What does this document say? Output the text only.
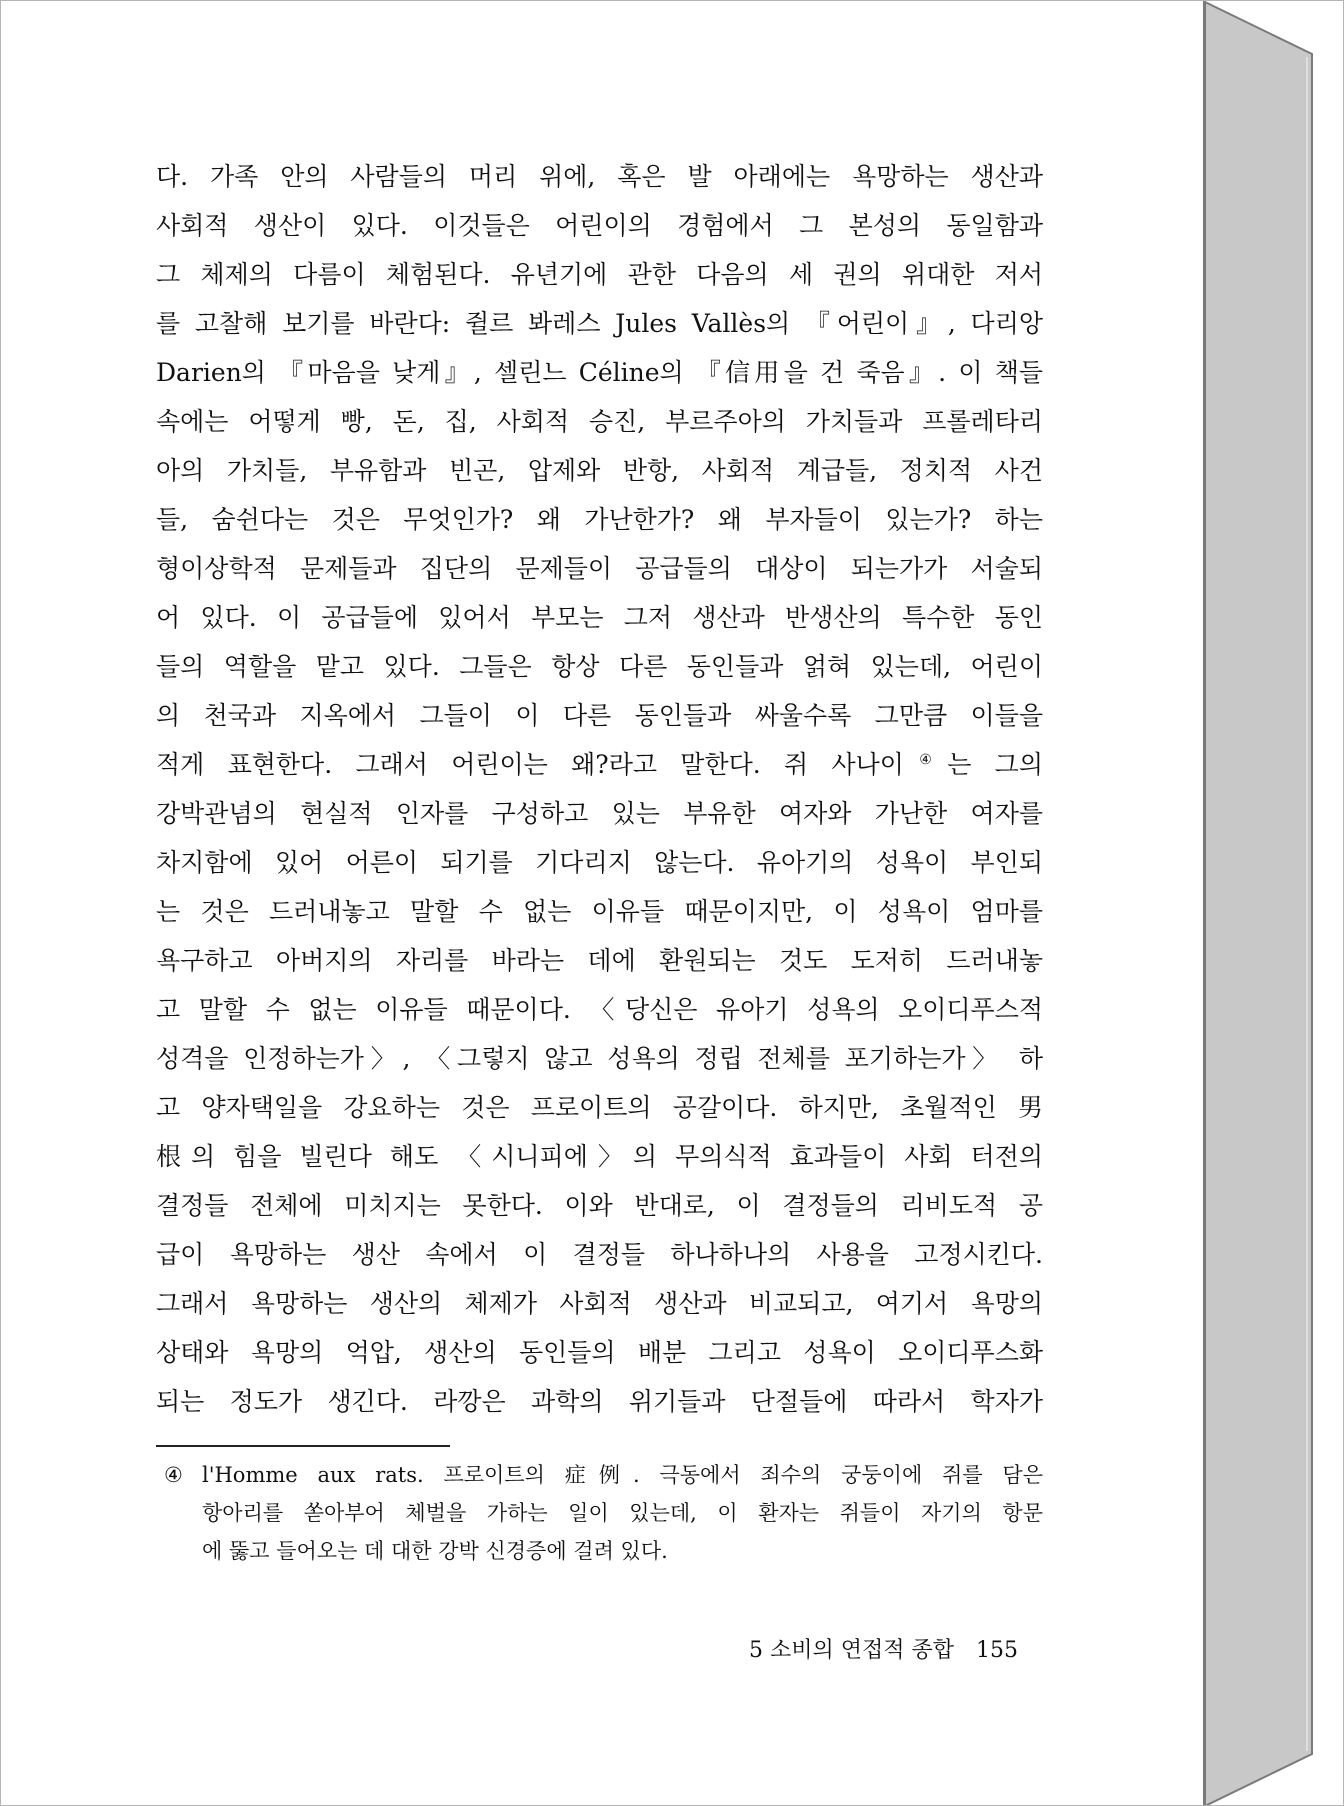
다. 가족 안의 사람들의 머리 위에, 혹은 발 아래에는 욕망하는 생산과
사회적 생산이 있다. 이것들은 어린이의 경험에서 그 본성의 동일함과
그 체제의 다름이 체험된다. 유년기에 관한 다음의 세 권의 위대한 저서
를 고찰해 보기를 바란다: 쥘르 봐레스 Jules Vallès의 『어린이』, 다리앙
Darien의 『마음을 낮게』, 셀린느 Céline의 『信用을 건 죽음』. 이 책들
속에는 어떻게 빵, 돈, 집, 사회적 승진, 부르주아의 가치들과 프롤레타리
아의 가치들, 부유함과 빈곤, 압제와 반항, 사회적 계급들, 정치적 사건
들, 숨쉰다는 것은 무엇인가? 왜 가난한가? 왜 부자들이 있는가? 하는
형이상학적 문제들과 집단의 문제들이 공급들의 대상이 되는가가 서술되
어 있다. 이 공급들에 있어서 부모는 그저 생산과 반생산의 특수한 동인
들의 역할을 맡고 있다. 그들은 항상 다른 동인들과 얽혀 있는데, 어린이
의 천국과 지옥에서 그들이 이 다른 동인들과 싸울수록 그만큼 이들을
적게 표현한다. 그래서 어린이는 왜?라고 말한다. 쥐 사나이④는 그의
강박관념의 현실적 인자를 구성하고 있는 부유한 여자와 가난한 여자를
차지함에 있어 어른이 되기를 기다리지 않는다. 유아기의 성욕이 부인되
는 것은 드러내놓고 말할 수 없는 이유들 때문이지만, 이 성욕이 엄마를
욕구하고 아버지의 자리를 바라는 데에 환원되는 것도 도저히 드러내놓
고 말할 수 없는 이유들 때문이다. 〈당신은 유아기 성욕의 오이디푸스적
성격을 인정하는가〉, 〈그렇지 않고 성욕의 정립 전체를 포기하는가〉 하
고 양자택일을 강요하는 것은 프로이트의 공갈이다. 하지만, 초월적인 男
根의 힘을 빌린다 해도 〈시니피에〉의 무의식적 효과들이 사회 터전의
결정들 전체에 미치지는 못한다. 이와 반대로, 이 결정들의 리비도적 공
급이 욕망하는 생산 속에서 이 결정들 하나하나의 사용을 고정시킨다.
그래서 욕망하는 생산의 체제가 사회적 생산과 비교되고, 여기서 욕망의
상태와 욕망의 억압, 생산의 동인들의 배분 그리고 성욕이 오이디푸스화
되는 정도가 생긴다. 라깡은 과학의 위기들과 단절들에 따라서 학자가
④ l'Homme aux rats. 프로이트의 症例. 극동에서 죄수의 궁둥이에 쥐를 담은
항아리를 쏟아부어 체벌을 가하는 일이 있는데, 이 환자는 쥐들이 자기의 항문
에 뚫고 들어오는 데 대한 강박 신경증에 걸려 있다.
5 소비의 연접적 종합 155
